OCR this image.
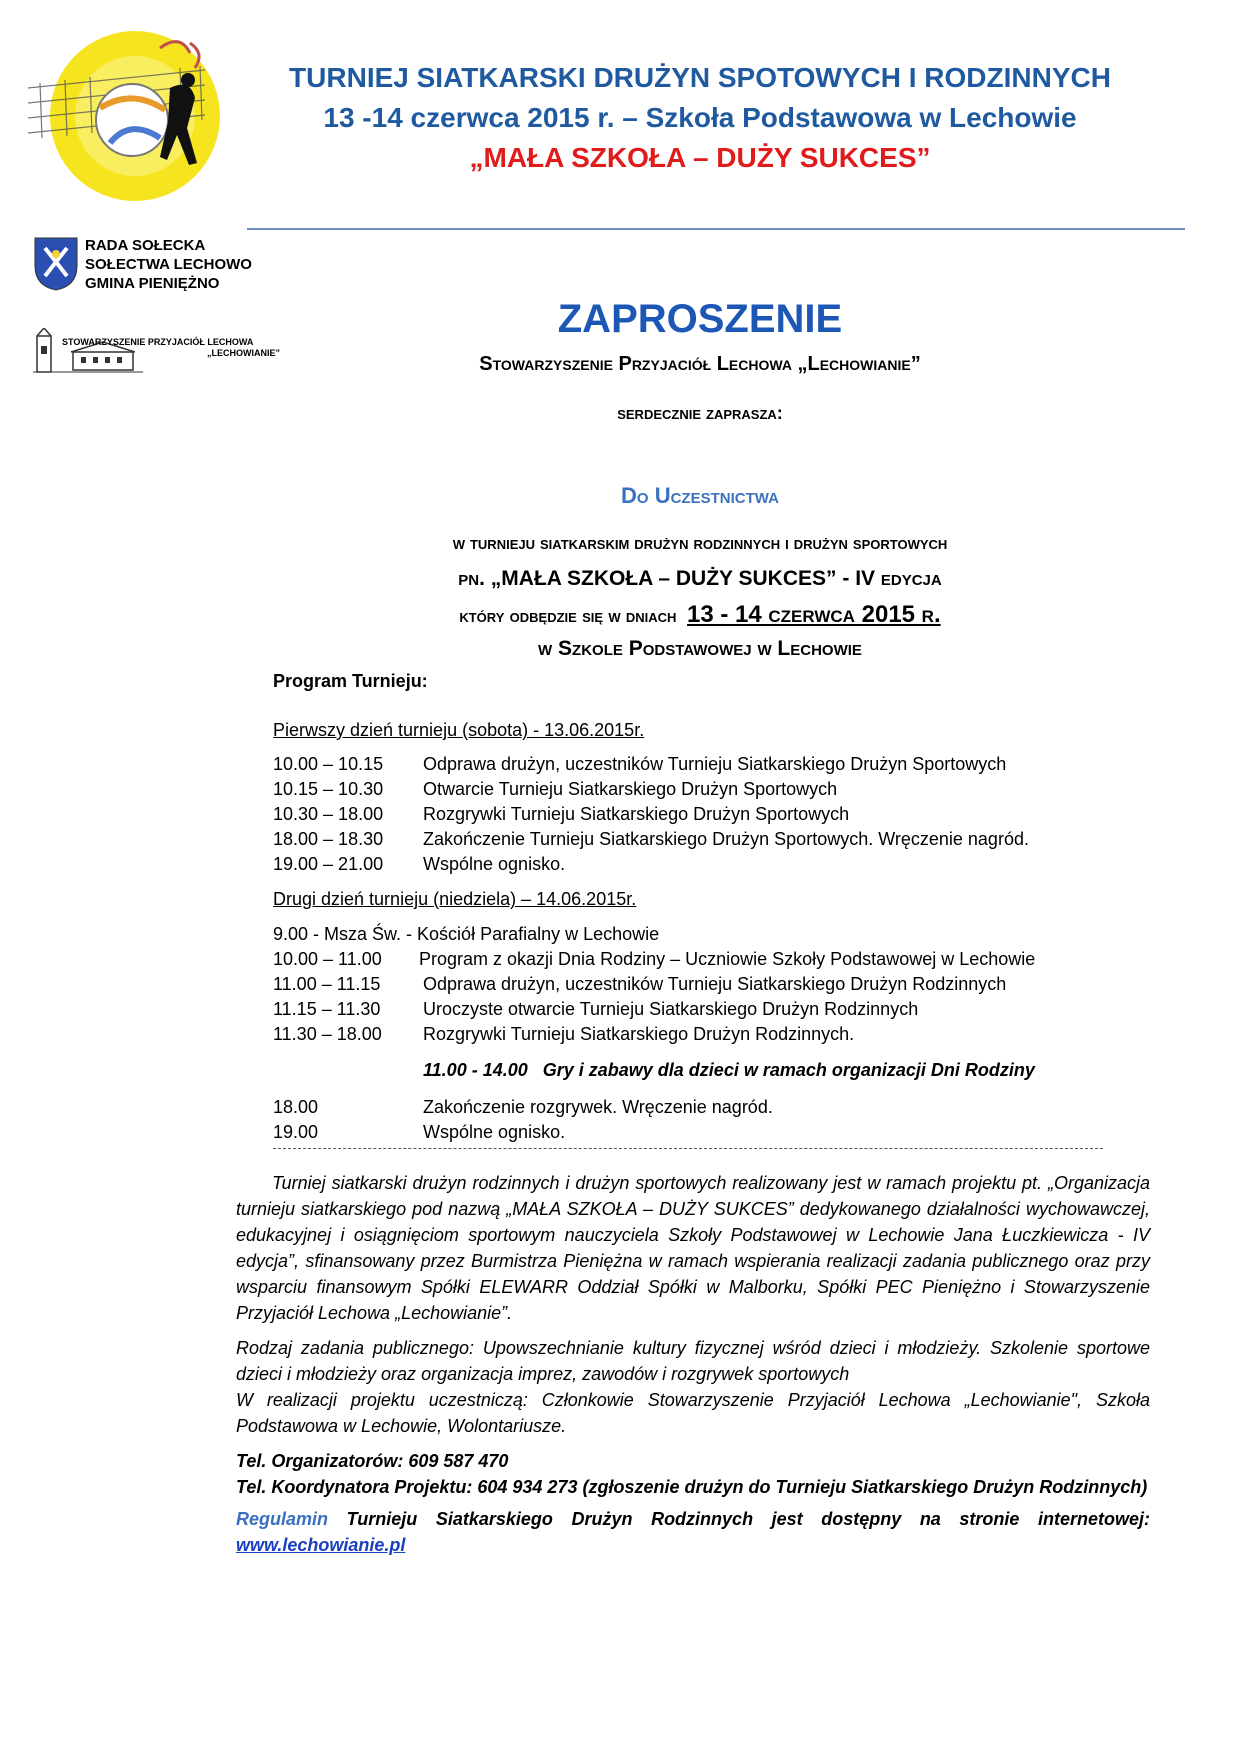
TURNIEJ SIATKARSKI DRUŻYN SPOTOWYCH I RODZINNYCH
13 -14 czerwca 2015 r. – Szkoła Podstawowa w Lechowie
„MAŁA SZKOŁA – DUŻY SUKCES”
RADA SOŁECKA
SOŁECTWA LECHOWO
GMINA PIENIĘŻNO
STOWARZYSZENIE PRZYJACIÓŁ LECHOWA
„LECHOWIANIE”
ZAPROSZENIE
Stowarzyszenie Przyjaciół Lechowa „Lechowianie”
serdecznie zaprasza:
Do Uczestnictwa
w turnieju siatkarskim drużyn rodzinnych i drużyn sportowych
pn. „MAŁA SZKOŁA – DUŻY SUKCES” - IV edycja
który odbędzie się w dniach 13 - 14 czerwca 2015 r.
w Szkole Podstawowej w Lechowie
Program Turnieju:
Pierwszy dzień turnieju (sobota) - 13.06.2015r.
10.00 – 10.15 Odprawa drużyn, uczestników Turnieju Siatkarskiego Drużyn Sportowych
10.15 – 10.30 Otwarcie Turnieju Siatkarskiego Drużyn Sportowych
10.30 – 18.00 Rozgrywki Turnieju Siatkarskiego Drużyn Sportowych
18.00 – 18.30 Zakończenie Turnieju Siatkarskiego Drużyn Sportowych. Wręczenie nagród.
19.00 – 21.00 Wspólne ognisko.
Drugi dzień turnieju (niedziela) – 14.06.2015r.
9.00 - Msza Św. - Kościół Parafialny w Lechowie
10.00 – 11.00 Program z okazji Dnia Rodziny – Uczniowie Szkoły Podstawowej w Lechowie
11.00 – 11.15 Odprawa drużyn, uczestników Turnieju Siatkarskiego Drużyn Rodzinnych
11.15 – 11.30 Uroczyste otwarcie Turnieju Siatkarskiego Drużyn Rodzinnych
11.30 – 18.00 Rozgrywki Turnieju Siatkarskiego Drużyn Rodzinnych.
11.00 - 14.00   Gry i zabawy dla dzieci w ramach organizacji Dni Rodziny
18.00	Zakończenie rozgrywek. Wręczenie nagród.
19.00	Wspólne ognisko.
Turniej siatkarski drużyn rodzinnych i drużyn sportowych realizowany jest w ramach projektu pt. „Organizacja turnieju siatkarskiego pod nazwą „MAŁA SZKOŁA – DUŻY SUKCES” dedykowanego działalności wychowawczej, edukacyjnej i osiągnięciom sportowym nauczyciela Szkoły Podstawowej w Lechowie Jana Łuczkiewicza - IV edycja”, sfinansowany przez Burmistrza Pieniężna w ramach wspierania realizacji zadania publicznego oraz przy wsparciu finansowym Spółki ELEWARR Oddział Spółki w Malborku, Spółki PEC Pieniężno i Stowarzyszenie Przyjaciół Lechowa „Lechowianie”.
Rodzaj zadania publicznego: Upowszechnianie kultury fizycznej wśród dzieci i młodzieży. Szkolenie sportowe dzieci i młodzieży oraz organizacja imprez, zawodów i rozgrywek sportowych
W realizacji projektu uczestniczą: Członkowie Stowarzyszenie Przyjaciół Lechowa „Lechowianie", Szkoła Podstawowa w Lechowie, Wolontariusze.
Tel. Organizatorów: 609 587 470
Tel. Koordynatora Projektu: 604 934 273 (zgłoszenie drużyn do Turnieju Siatkarskiego Drużyn Rodzinnych)
Regulamin Turnieju Siatkarskiego Drużyn Rodzinnych jest dostępny na stronie internetowej:
www.lechowianie.pl
